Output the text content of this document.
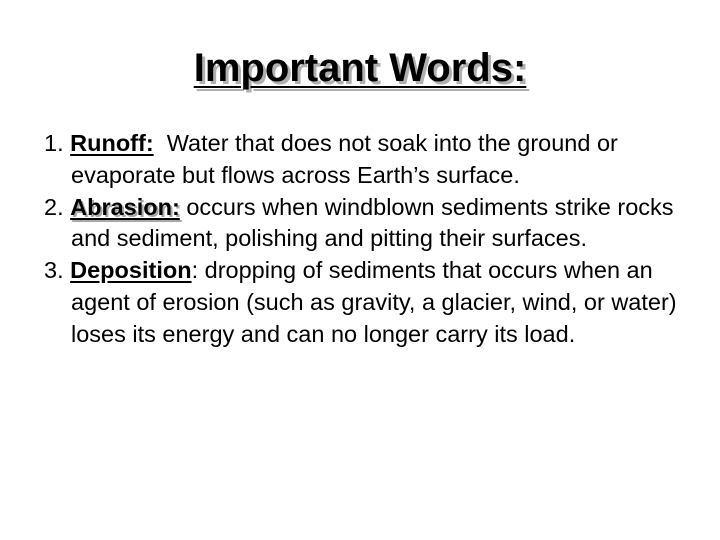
Important Words:
1. Runoff: Water that does not soak into the ground or evaporate but flows across Earth’s surface.
2. Abrasion: occurs when windblown sediments strike rocks and sediment, polishing and pitting their surfaces.
3. Deposition: dropping of sediments that occurs when an agent of erosion (such as gravity, a glacier, wind, or water) loses its energy and can no longer carry its load.
